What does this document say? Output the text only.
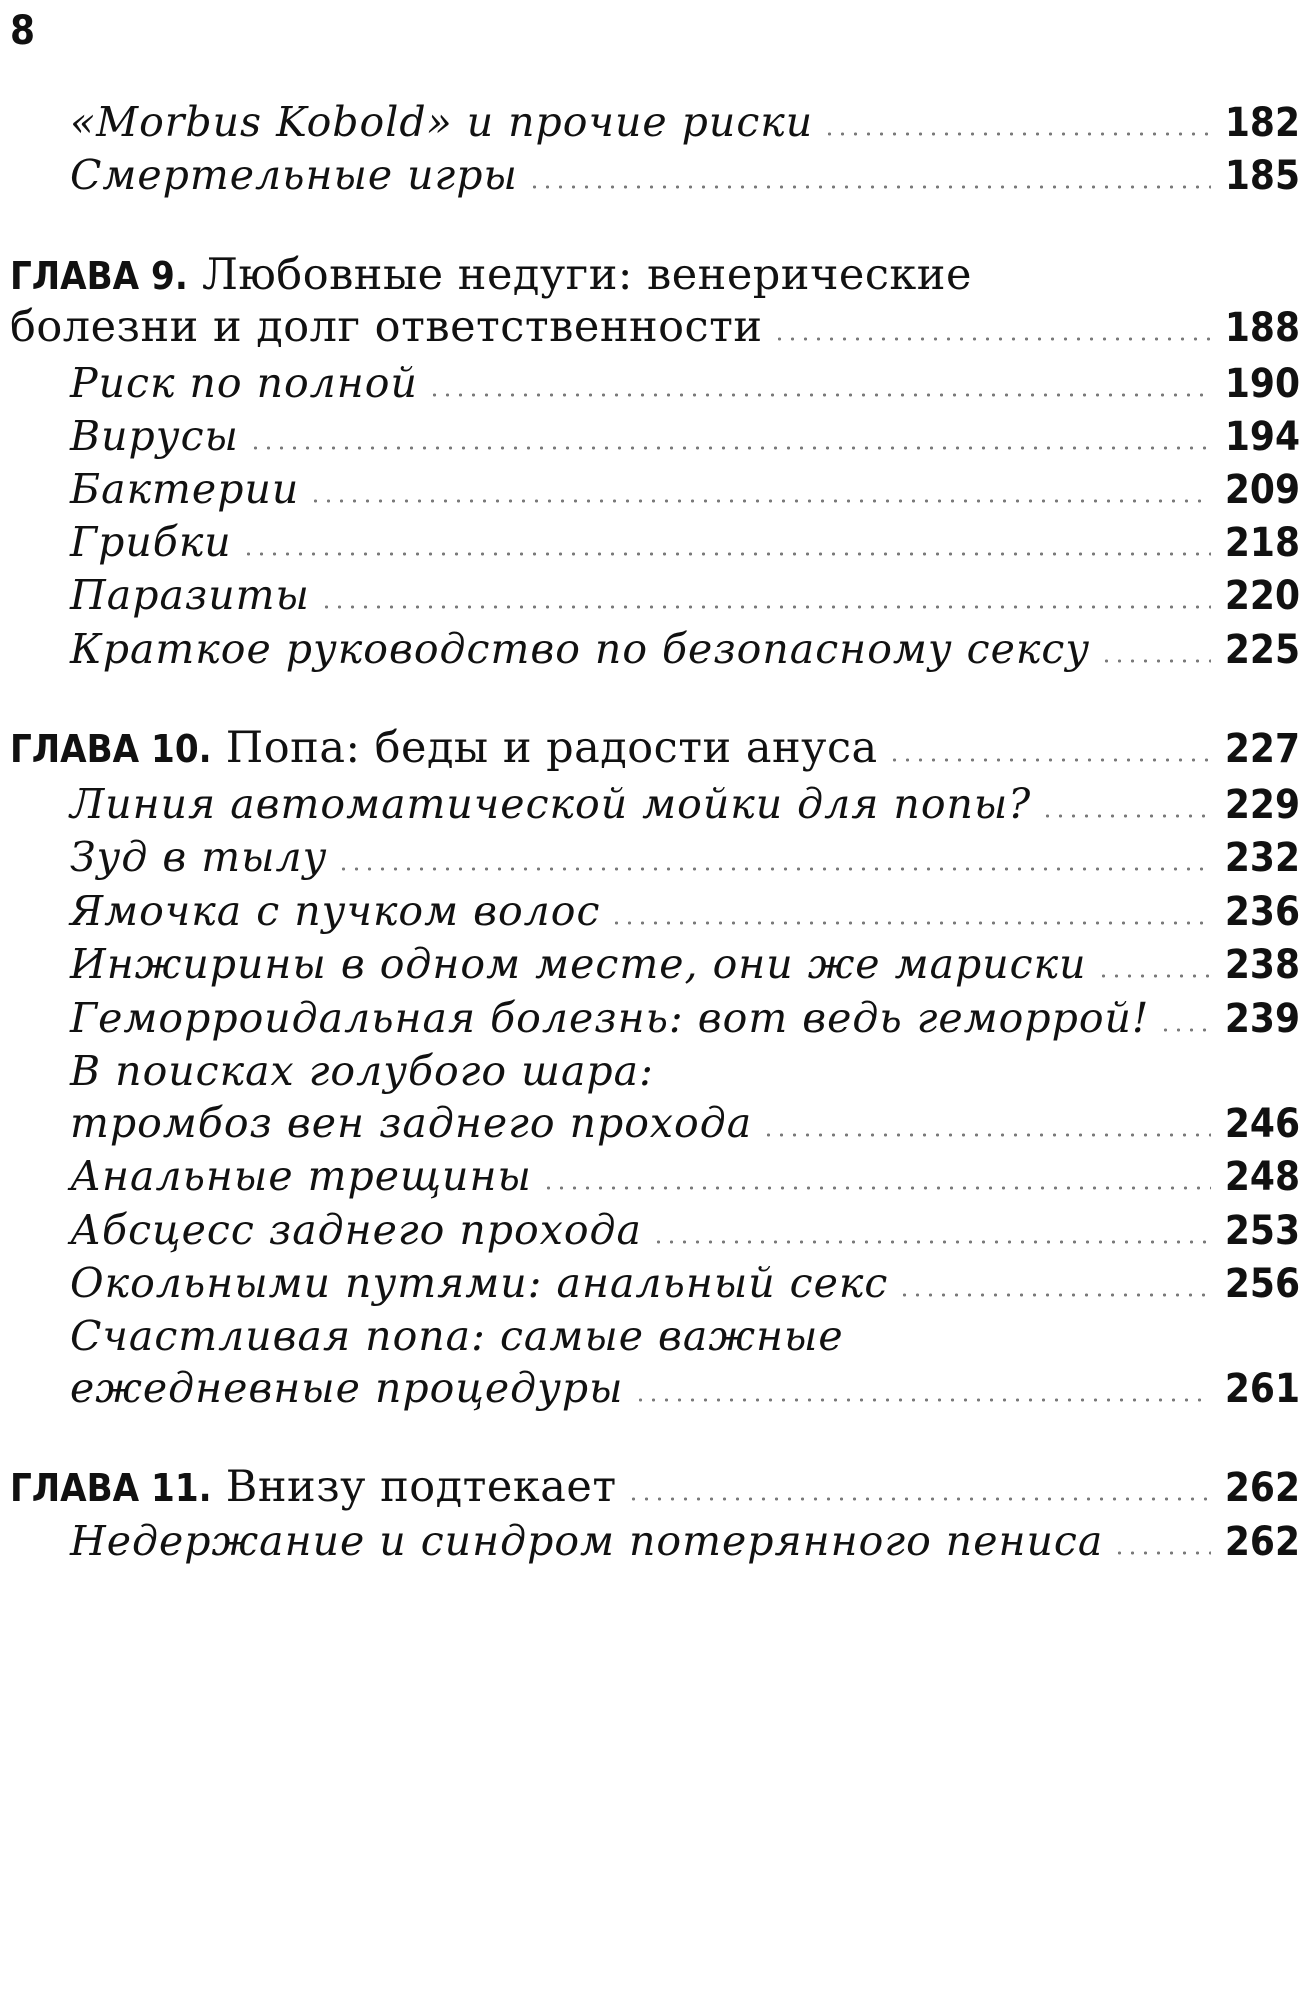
8
«Morbus Kobold» и прочие риски	182
Смертельные игры	185
ГЛАВА 9. Любовные недуги: венерические
болезни и долг ответственности	188
Риск по полной	190
Вирусы	194
Бактерии	209
Грибки	218
Паразиты	220
Краткое руководство по безопасному сексу	225
ГЛАВА 10. Попа: беды и радости ануса	227
Линия автоматической мойки для попы?	229
Зуд в тылу	232
Ямочка с пучком волос	236
Инжирины в одном месте, они же мариски	238
Геморроидальная болезнь: вот ведь геморрой! 239
В поисках голубого шара:
тромбоз вен заднего прохода	246
Анальные трещины	248
Абсцесс заднего прохода	253
Окольными путями: анальный секс	256
Счастливая попа: самые важные
ежедневные процедуры	261
ГЛАВА 11. Внизу подтекает	262
Недержание и синдром потерянного пениса	262
